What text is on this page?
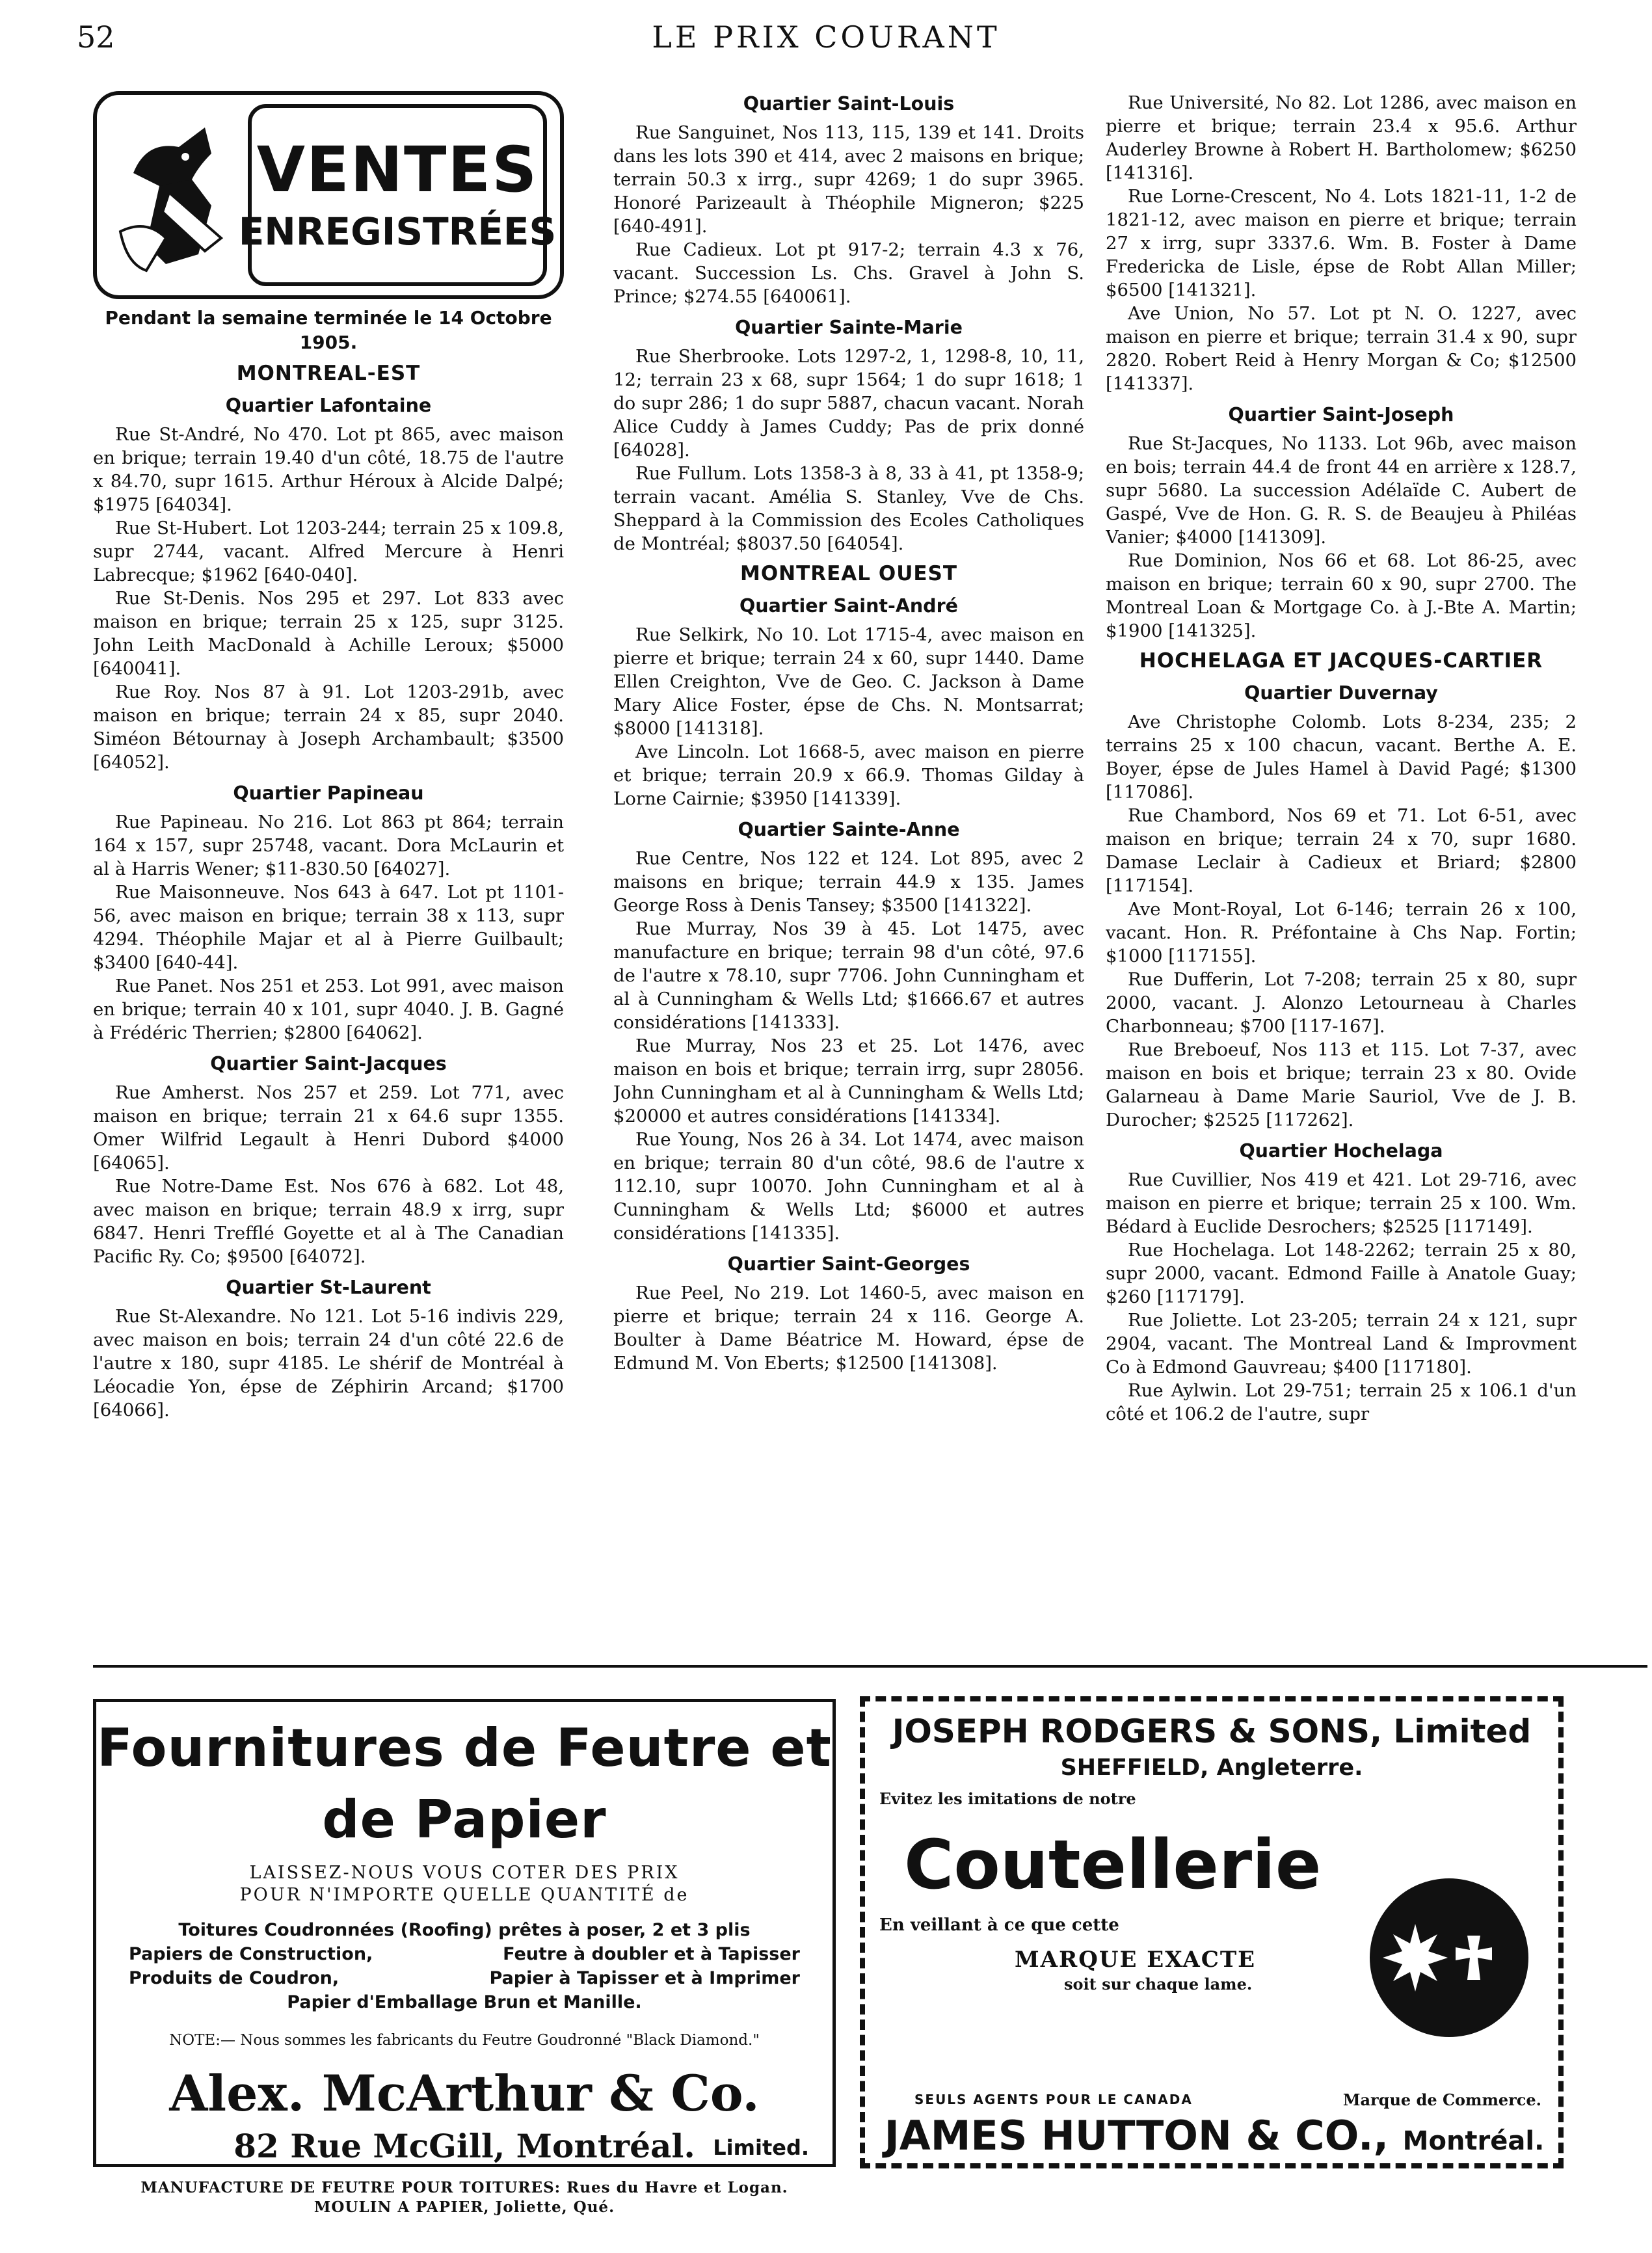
52	LE PRIX COURANT
VENTES
ENREGISTRÉES
Pendant la semaine terminée le 14 Octobre 1905.
MONTREAL-EST
Quartier Lafontaine

Rue St-André, No 470. Lot pt 865, avec maison en brique; terrain 19.40 d'un côté, 18.75 de l'autre x 84.70, supr 1615. Arthur Héroux à Alcide Dalpé; $1975 [64034].

Rue St-Hubert. Lot 1203-244; terrain 25 x 109.8, supr 2744, vacant. Alfred Mercure à Henri Labrecque; $1962 [640-040].

Rue St-Denis. Nos 295 et 297. Lot 833 avec maison en brique; terrain 25 x 125, supr 3125. John Leith MacDonald à Achille Leroux; $5000 [640041].

Rue Roy. Nos 87 à 91. Lot 1203-291b, avec maison en brique; terrain 24 x 85, supr 2040. Siméon Bétournay à Joseph Archambault; $3500 [64052].

Quartier Papineau

Rue Papineau. No 216. Lot 863 pt 864; terrain 164 x 157, supr 25748, vacant. Dora McLaurin et al à Harris Wener; $11-830.50 [64027].

Rue Maisonneuve. Nos 643 à 647. Lot pt 1101-56, avec maison en brique; terrain 38 x 113, supr 4294. Théophile Majar et al à Pierre Guilbault; $3400 [640-44].

Rue Panet. Nos 251 et 253. Lot 991, avec maison en brique; terrain 40 x 101, supr 4040. J. B. Gagné à Frédéric Therrien; $2800 [64062].

Quartier Saint-Jacques

Rue Amherst. Nos 257 et 259. Lot 771, avec maison en brique; terrain 21 x 64.6 supr 1355. Omer Wilfrid Legault à Henri Dubord $4000 [64065].

Rue Notre-Dame Est. Nos 676 à 682. Lot 48, avec maison en brique; terrain 48.9 x irrg, supr 6847. Henri Trefflé Goyette et al à The Canadian Pacific Ry. Co; $9500 [64072].

Quartier St-Laurent

Rue St-Alexandre. No 121. Lot 5-16 indivis 229, avec maison en bois; terrain 24 d'un côté 22.6 de l'autre x 180, supr 4185. Le shérif de Montréal à Léocadie Yon, épse de Zéphirin Arcand; $1700 [64066].

Quartier Saint-Louis

Rue Sanguinet, Nos 113, 115, 139 et 141. Droits dans les lots 390 et 414, avec 2 maisons en brique; terrain 50.3 x irrg., supr 4269; 1 do supr 3965. Honoré Parizeault à Théophile Migneron; $225 [640-491].

Rue Cadieux. Lot pt 917-2; terrain 4.3 x 76, vacant. Succession Ls. Chs. Gravel à John S. Prince; $274.55 [640061].

Quartier Sainte-Marie

Rue Sherbrooke. Lots 1297-2, 1, 1298-8, 10, 11, 12; terrain 23 x 68, supr 1564; 1 do supr 1618; 1 do supr 286; 1 do supr 5887, chacun vacant. Norah Alice Cuddy à James Cuddy; Pas de prix donné [64028].

Rue Fullum. Lots 1358-3 à 8, 33 à 41, pt 1358-9; terrain vacant. Amélia S. Stanley, Vve de Chs. Sheppard à la Commission des Ecoles Catholiques de Montréal; $8037.50 [64054].

MONTREAL OUEST
Quartier Saint-André

Rue Selkirk, No 10. Lot 1715-4, avec maison en pierre et brique; terrain 24 x 60, supr 1440. Dame Ellen Creighton, Vve de Geo. C. Jackson à Dame Mary Alice Foster, épse de Chs. N. Montsarrat; $8000 [141318].

Ave Lincoln. Lot 1668-5, avec maison en pierre et brique; terrain 20.9 x 66.9. Thomas Gilday à Lorne Cairnie; $3950 [141339].

Quartier Sainte-Anne

Rue Centre, Nos 122 et 124. Lot 895, avec 2 maisons en brique; terrain 44.9 x 135. James George Ross à Denis Tansey; $3500 [141322].

Rue Murray, Nos 39 à 45. Lot 1475, avec manufacture en brique; terrain 98 d'un côté, 97.6 de l'autre x 78.10, supr 7706. John Cunningham et al à Cunningham & Wells Ltd; $1666.67 et autres considérations [141333].

Rue Murray, Nos 23 et 25. Lot 1476, avec maison en bois et brique; terrain irrg, supr 28056. John Cunningham et al à Cunningham & Wells Ltd; $20000 et autres considérations [141334].

Rue Young, Nos 26 à 34. Lot 1474, avec maison en brique; terrain 80 d'un côté, 98.6 de l'autre x 112.10, supr 10070. John Cunningham et al à Cunningham & Wells Ltd; $6000 et autres considérations [141335].

Quartier Saint-Georges

Rue Peel, No 219. Lot 1460-5, avec maison en pierre et brique; terrain 24 x 116. George A. Boulter à Dame Béatrice M. Howard, épse de Edmund M. Von Eberts; $12500 [141308].

Rue Université, No 82. Lot 1286, avec maison en pierre et brique; terrain 23.4 x 95.6. Arthur Auderley Browne à Robert H. Bartholomew; $6250 [141316].

Rue Lorne-Crescent, No 4. Lots 1821-11, 1-2 de 1821-12, avec maison en pierre et brique; terrain 27 x irrg, supr 3337.6. Wm. B. Foster à Dame Fredericka de Lisle, épse de Robt Allan Miller; $6500 [141321].

Ave Union, No 57. Lot pt N. O. 1227, avec maison en pierre et brique; terrain 31.4 x 90, supr 2820. Robert Reid à Henry Morgan & Co; $12500 [141337].

Quartier Saint-Joseph

Rue St-Jacques, No 1133. Lot 96b, avec maison en bois; terrain 44.4 de front 44 en arrière x 128.7, supr 5680. La succession Adélaïde C. Aubert de Gaspé, Vve de Hon. G. R. S. de Beaujeu à Philéas Vanier; $4000 [141309].

Rue Dominion, Nos 66 et 68. Lot 86-25, avec maison en brique; terrain 60 x 90, supr 2700. The Montreal Loan & Mortgage Co. à J.-Bte A. Martin; $1900 [141325].

HOCHELAGA ET JACQUES-CARTIER
Quartier Duvernay

Ave Christophe Colomb. Lots 8-234, 235; 2 terrains 25 x 100 chacun, vacant. Berthe A. E. Boyer, épse de Jules Hamel à David Pagé; $1300 [117086].

Rue Chambord, Nos 69 et 71. Lot 6-51, avec maison en brique; terrain 24 x 70, supr 1680. Damase Leclair à Cadieux et Briard; $2800 [117154].

Ave Mont-Royal, Lot 6-146; terrain 26 x 100, vacant. Hon. R. Préfontaine à Chs Nap. Fortin; $1000 [117155].

Rue Dufferin, Lot 7-208; terrain 25 x 80, supr 2000, vacant. J. Alonzo Letourneau à Charles Charbonneau; $700 [117-167].

Rue Breboeuf, Nos 113 et 115. Lot 7-37, avec maison en bois et brique; terrain 23 x 80. Ovide Galarneau à Dame Marie Sauriol, Vve de J. B. Durocher; $2525 [117262].

Quartier Hochelaga

Rue Cuvillier, Nos 419 et 421. Lot 29-716, avec maison en pierre et brique; terrain 25 x 100. Wm. Bédard à Euclide Desrochers; $2525 [117149].

Rue Hochelaga. Lot 148-2262; terrain 25 x 80, supr 2000, vacant. Edmond Faille à Anatole Guay; $260 [117179].

Rue Joliette. Lot 23-205; terrain 24 x 121, supr 2904, vacant. The Montreal Land & Improvment Co à Edmond Gauvreau; $400 [117180].

Rue Aylwin. Lot 29-751; terrain 25 x 106.1 d'un côté et 106.2 de l'autre, supr

Fournitures de Feutre et de Papier
LAISSEZ-NOUS VOUS COTER DES PRIX
POUR N'IMPORTE QUELLE QUANTITÉ de
Toitures Coudronnées (Roofing) prêtes à poser, 2 et 3 plis
Papiers de Construction,	Feutre à doubler et à Tapisser
Produits de Coudron,	Papier à Tapisser et à Imprimer
Papier d'Emballage Brun et Manille.
NOTE:— Nous sommes les fabricants du Feutre Goudronné "Black Diamond."
Alex. McArthur & Co.
82 Rue McGill, Montréal. Limited.
MANUFACTURE DE FEUTRE POUR TOITURES: Rues du Havre et Logan.
MOULIN A PAPIER, Joliette, Qué.
JOSEPH RODGERS & SONS, Limited
SHEFFIELD, Angleterre.
Evitez les imitations de notre
Coutellerie
En veillant à ce que cette
MARQUE EXACTE
soit sur chaque lame.
SEULS AGENTS POUR LE CANADA	Marque de Commerce.
JAMES HUTTON & CO., Montréal.
